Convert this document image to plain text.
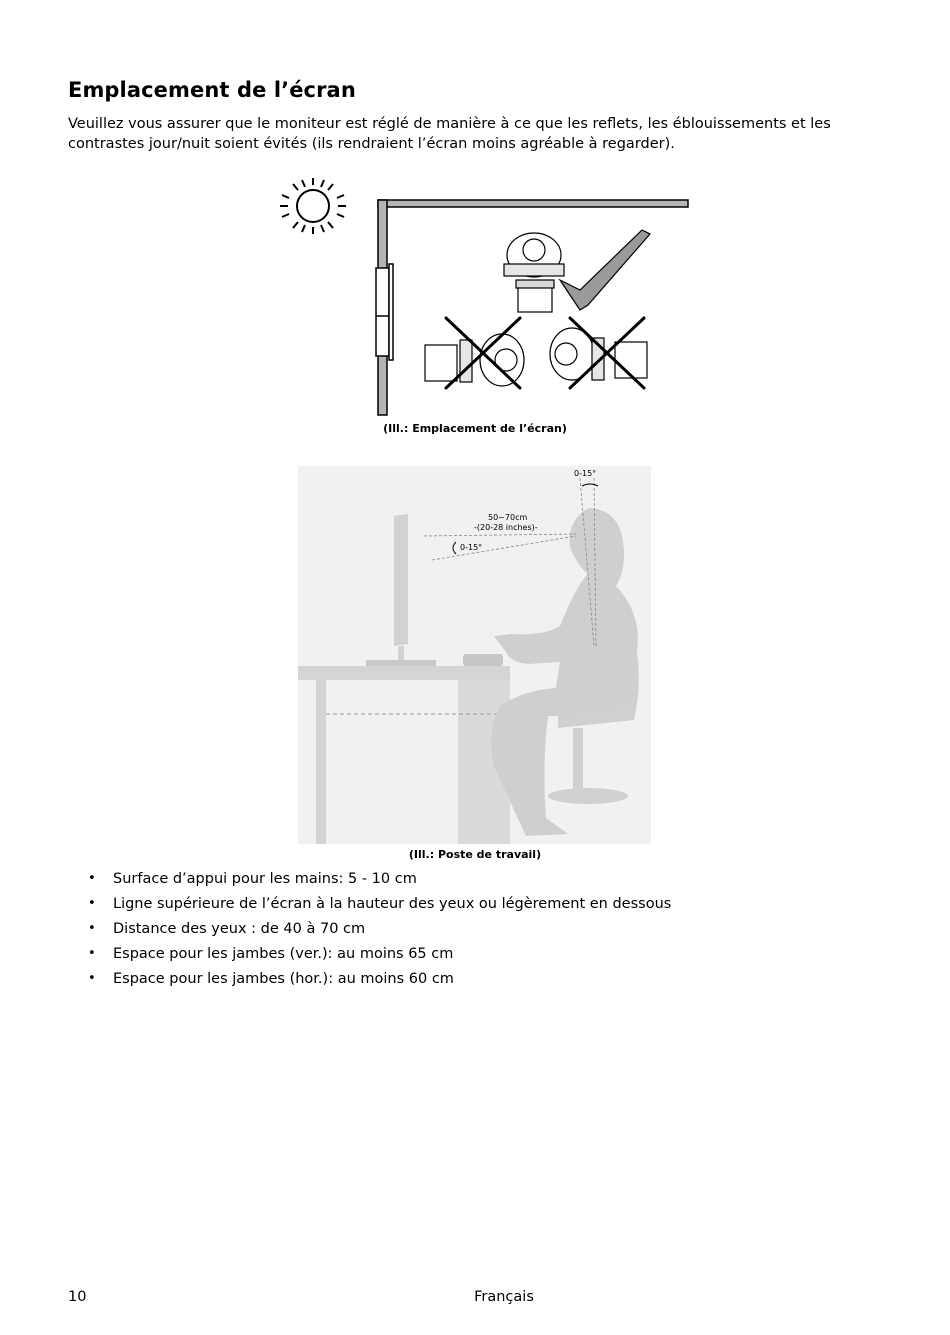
Emplacement de l’écran

Veuillez vous assurer que le moniteur est réglé de manière à ce que les reflets, les éblouissements et les contrastes jour/nuit soient évités (ils rendraient l’écran moins agréable à regarder).

(Ill.: Emplacement de l’écran)

0-15°
50~70cm
-(20-28 inches)-
0-15°

(Ill.: Poste de travail)

• Surface d’appui pour les mains: 5 - 10 cm
• Ligne supérieure de l’écran à la hauteur des yeux ou légèrement en dessous
• Distance des yeux : de 40 à 70 cm
• Espace pour les jambes (ver.): au moins 65 cm
• Espace pour les jambes (hor.): au moins 60 cm

10	Français
